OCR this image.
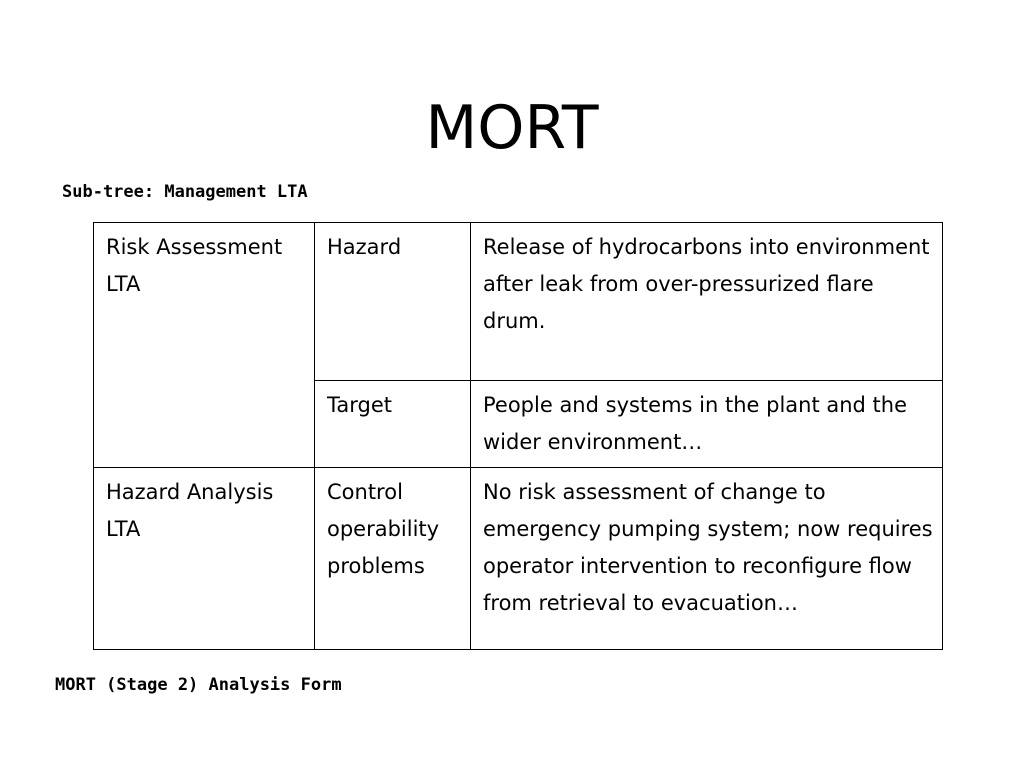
MORT
Sub-tree: Management LTA
Risk Assessment LTA	Hazard	Release of hydrocarbons into environment after leak from over-pressurized flare drum.
	Target	People and systems in the plant and the wider environment…
Hazard Analysis LTA	Control operability problems	No risk assessment of change to emergency pumping system; now requires operator intervention to reconfigure flow from retrieval to evacuation…
MORT (Stage 2) Analysis Form
